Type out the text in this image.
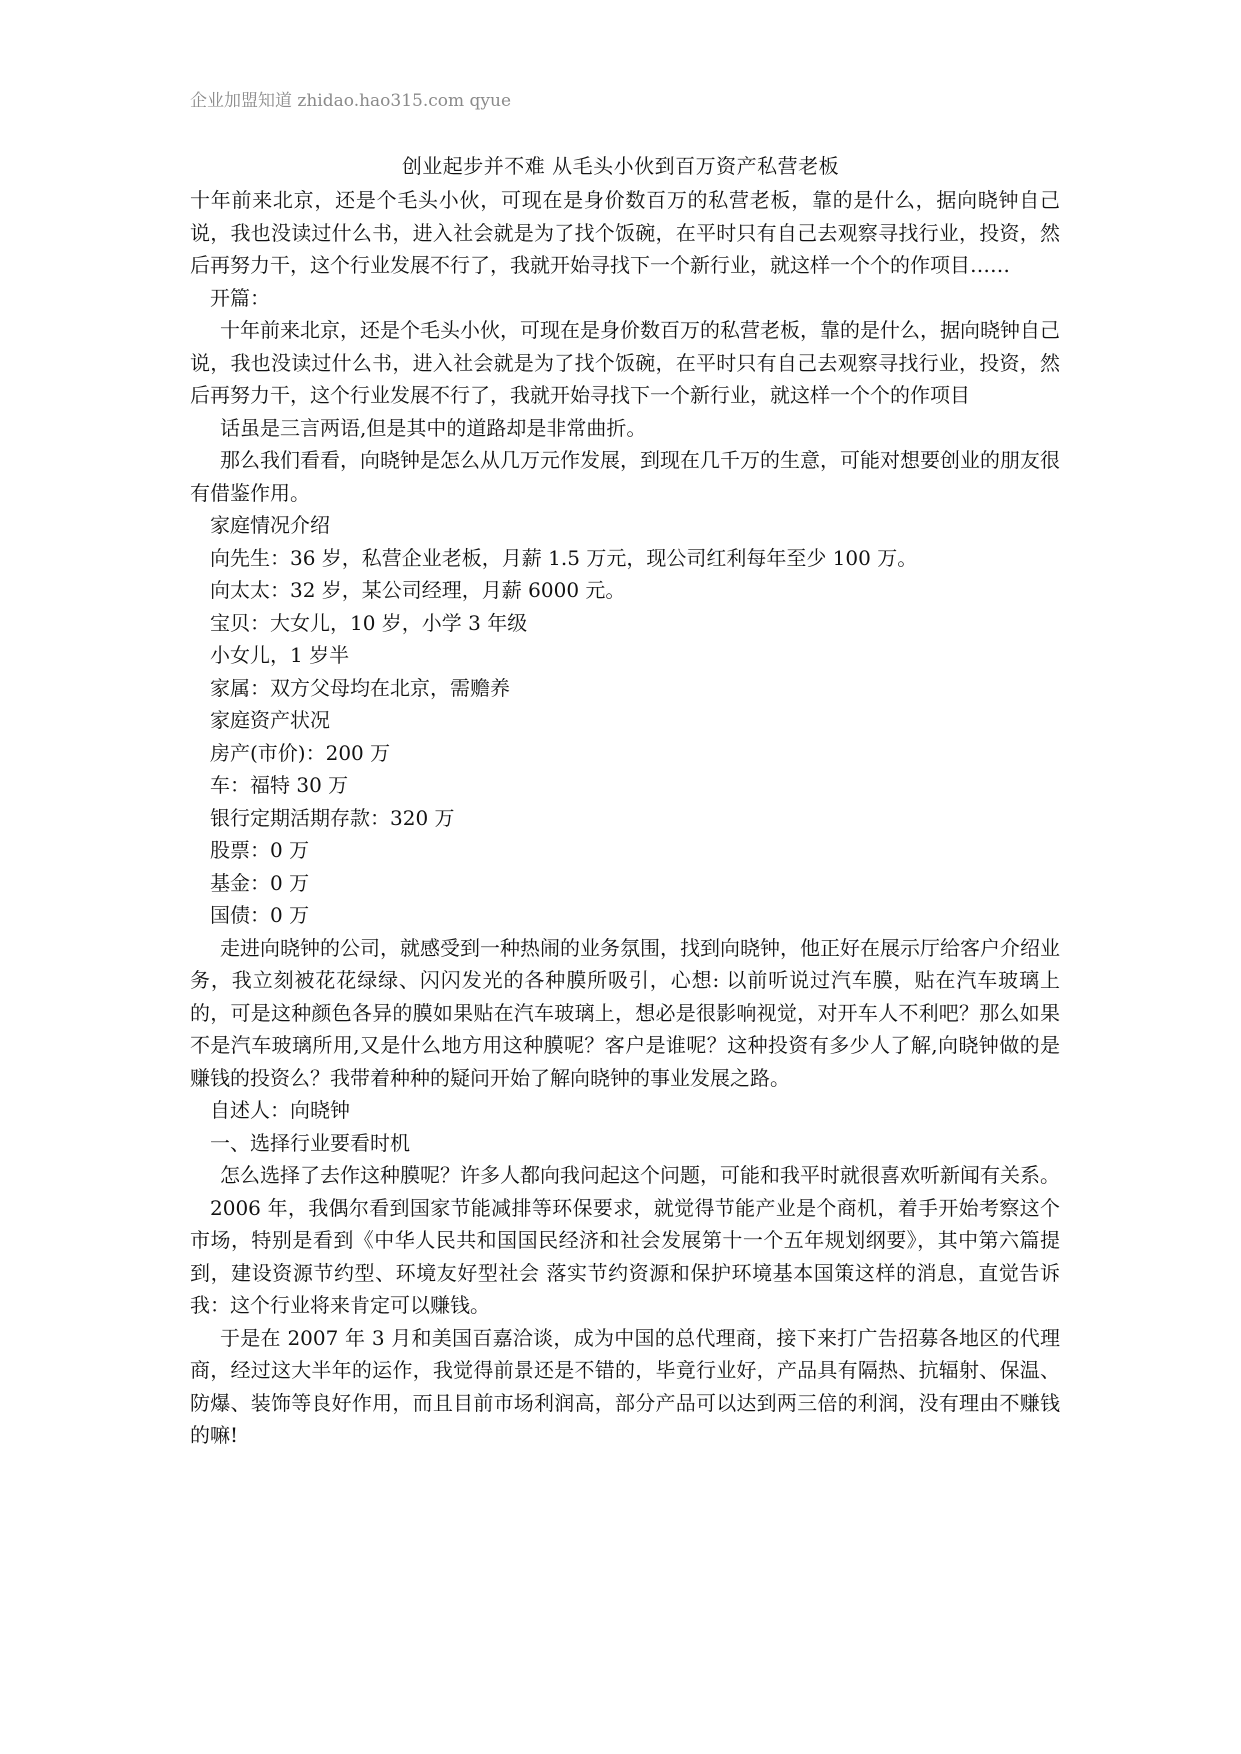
企业加盟知道 zhidao.hao315.com qyue
创业起步并不难 从毛头小伙到百万资产私营老板

十年前来北京，还是个毛头小伙，可现在是身价数百万的私营老板，靠的是什么，据向晓钟自己说，我也没读过什么书，进入社会就是为了找个饭碗，在平时只有自己去观察寻找行业，投资，然后再努力干，这个行业发展不行了，我就开始寻找下一个新行业，就这样一个个的作项目……

开篇：

十年前来北京，还是个毛头小伙，可现在是身价数百万的私营老板，靠的是什么，据向晓钟自己说，我也没读过什么书，进入社会就是为了找个饭碗，在平时只有自己去观察寻找行业，投资，然后再努力干，这个行业发展不行了，我就开始寻找下一个新行业，就这样一个个的作项目

话虽是三言两语,但是其中的道路却是非常曲折。

那么我们看看，向晓钟是怎么从几万元作发展，到现在几千万的生意，可能对想要创业的朋友很有借鉴作用。

家庭情况介绍

向先生：36 岁，私营企业老板，月薪 1.5 万元，现公司红利每年至少 100 万。

向太太：32 岁，某公司经理，月薪 6000 元。

宝贝：大女儿，10 岁，小学 3 年级

小女儿，1 岁半

家属：双方父母均在北京，需赡养

家庭资产状况

房产(市价)：200 万

车：福特 30 万

银行定期活期存款：320 万

股票：0 万

基金：0 万

国债：0 万

走进向晓钟的公司，就感受到一种热闹的业务氛围，找到向晓钟，他正好在展示厅给客户介绍业务，我立刻被花花绿绿、闪闪发光的各种膜所吸引，心想: 以前听说过汽车膜，贴在汽车玻璃上的，可是这种颜色各异的膜如果贴在汽车玻璃上，想必是很影响视觉，对开车人不利吧？那么如果不是汽车玻璃所用,又是什么地方用这种膜呢？客户是谁呢？这种投资有多少人了解,向晓钟做的是赚钱的投资么？我带着种种的疑问开始了解向晓钟的事业发展之路。

自述人：向晓钟

一、选择行业要看时机

怎么选择了去作这种膜呢？许多人都向我问起这个问题，可能和我平时就很喜欢听新闻有关系。

2006 年，我偶尔看到国家节能减排等环保要求，就觉得节能产业是个商机，着手开始考察这个市场，特别是看到《中华人民共和国国民经济和社会发展第十一个五年规划纲要》，其中第六篇提到，建设资源节约型、环境友好型社会 落实节约资源和保护环境基本国策这样的消息，直觉告诉我：这个行业将来肯定可以赚钱。

于是在 2007 年 3 月和美国百嘉洽谈，成为中国的总代理商，接下来打广告招募各地区的代理商，经过这大半年的运作，我觉得前景还是不错的，毕竟行业好，产品具有隔热、抗辐射、保温、防爆、装饰等良好作用，而且目前市场利润高，部分产品可以达到两三倍的利润，没有理由不赚钱的嘛!
